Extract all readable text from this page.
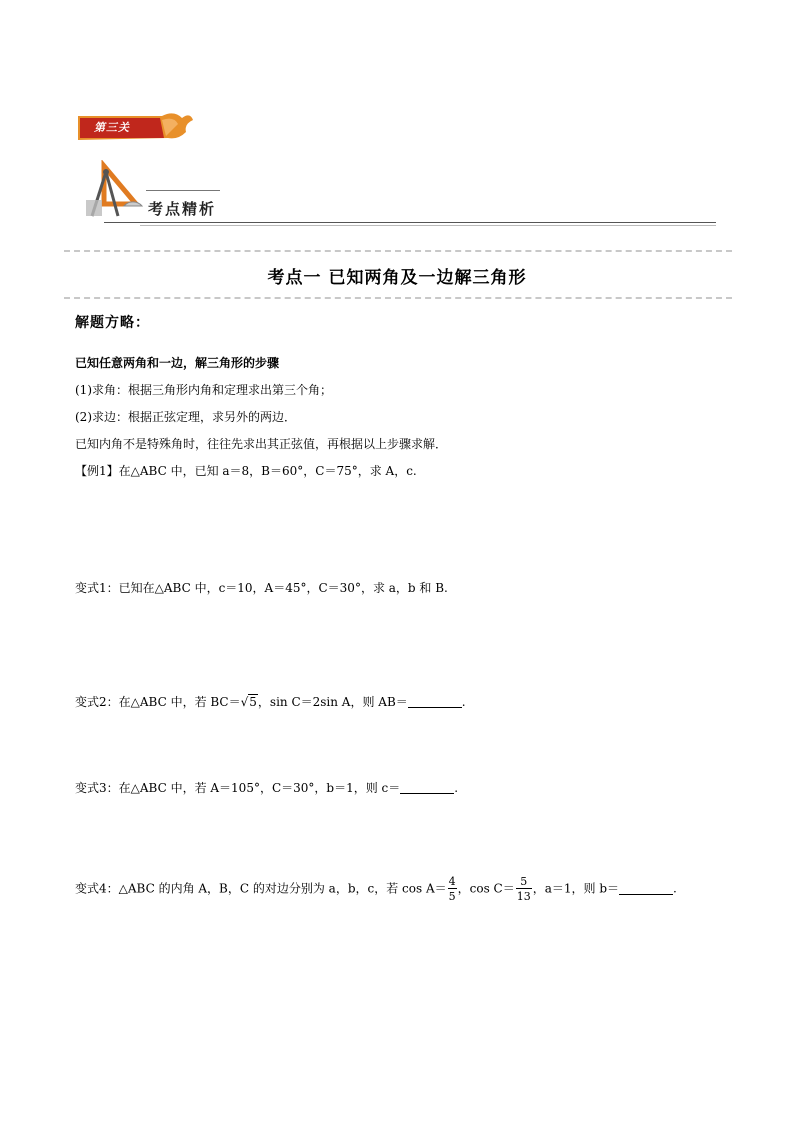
第三关
考点精析
考点一 已知两角及一边解三角形
解题方略：
已知任意两角和一边，解三角形的步骤
(1)求角：根据三角形内角和定理求出第三个角；
(2)求边：根据正弦定理，求另外的两边．
已知内角不是特殊角时，往往先求出其正弦值，再根据以上步骤求解．
【例1】在△ABC 中，已知 a＝8，B＝60°，C＝75°，求 A，c.
变式1：已知在△ABC 中，c＝10，A＝45°，C＝30°，求 a，b 和 B.
变式2：在△ABC 中，若 BC＝√5，sin C＝2sin A，则 AB＝	.
变式3：在△ABC 中，若 A＝105°，C＝30°，b＝1，则 c＝	.
变式4：△ABC 的内角 A，B，C 的对边分别为 a，b，c，若 $\cos A= \frac{4}{5}$ ，$\cos C= \frac{5}{13}$ ，a＝1，则 b＝	.
